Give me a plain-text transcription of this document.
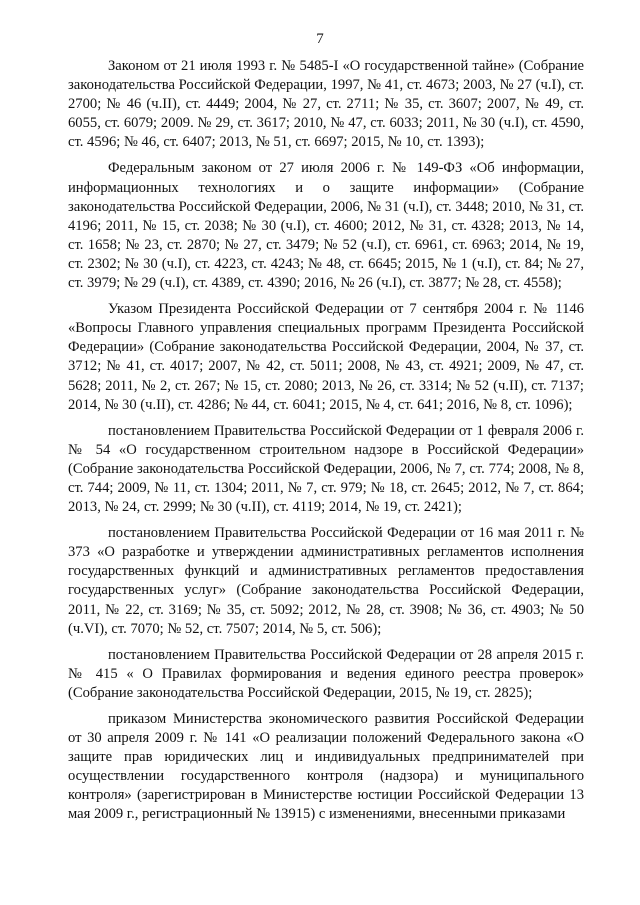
7

Законом от 21 июля 1993 г. № 5485-I «О государственной тайне» (Собрание законодательства Российской Федерации, 1997, № 41, ст. 4673; 2003, № 27 (ч.I), ст. 2700; № 46 (ч.II), ст. 4449; 2004, № 27, ст. 2711; № 35, ст. 3607; 2007, № 49, ст. 6055, ст. 6079; 2009. № 29, ст. 3617; 2010, № 47, ст. 6033; 2011, № 30 (ч.I), ст. 4590, ст. 4596; № 46, ст. 6407; 2013, № 51, ст. 6697; 2015, № 10, ст. 1393);

Федеральным законом от 27 июля 2006 г. № 149-ФЗ «Об информации, информационных технологиях и о защите информации» (Собрание законодательства Российской Федерации, 2006, № 31 (ч.I), ст. 3448; 2010, № 31, ст. 4196; 2011, № 15, ст. 2038; № 30 (ч.I), ст. 4600; 2012, № 31, ст. 4328; 2013, № 14, ст. 1658; № 23, ст. 2870; № 27, ст. 3479; № 52 (ч.I), ст. 6961, ст. 6963; 2014, № 19, ст. 2302; № 30 (ч.I), ст. 4223, ст. 4243; № 48, ст. 6645; 2015, № 1 (ч.I), ст. 84; № 27, ст. 3979; № 29 (ч.I), ст. 4389, ст. 4390; 2016, № 26 (ч.I), ст. 3877; № 28, ст. 4558);

Указом Президента Российской Федерации от 7 сентября 2004 г. № 1146 «Вопросы Главного управления специальных программ Президента Российской Федерации» (Собрание законодательства Российской Федерации, 2004, № 37, ст. 3712; № 41, ст. 4017; 2007, № 42, ст. 5011; 2008, № 43, ст. 4921; 2009, № 47, ст. 5628; 2011, № 2, ст. 267; № 15, ст. 2080; 2013, № 26, ст. 3314; № 52 (ч.II), ст. 7137; 2014, № 30 (ч.II), ст. 4286; № 44, ст. 6041; 2015, № 4, ст. 641; 2016, № 8, ст. 1096);

постановлением Правительства Российской Федерации от 1 февраля 2006 г. № 54 «О государственном строительном надзоре в Российской Федерации» (Собрание законодательства Российской Федерации, 2006, № 7, ст. 774; 2008, № 8, ст. 744; 2009, № 11, ст. 1304; 2011, № 7, ст. 979; № 18, ст. 2645; 2012, № 7, ст. 864; 2013, № 24, ст. 2999; № 30 (ч.II), ст. 4119; 2014, № 19, ст. 2421);

постановлением Правительства Российской Федерации от 16 мая 2011 г. № 373 «О разработке и утверждении административных регламентов исполнения государственных функций и административных регламентов предоставления государственных услуг» (Собрание законодательства Российской Федерации, 2011, № 22, ст. 3169; № 35, ст. 5092; 2012, № 28, ст. 3908; № 36, ст. 4903; № 50 (ч.VI), ст. 7070; № 52, ст. 7507; 2014, № 5, ст. 506);

постановлением Правительства Российской Федерации от 28 апреля 2015 г. № 415 « О Правилах формирования и ведения единого реестра проверок» (Собрание законодательства Российской Федерации, 2015, № 19, ст. 2825);

приказом Министерства экономического развития Российской Федерации от 30 апреля 2009 г. № 141 «О реализации положений Федерального закона «О защите прав юридических лиц и индивидуальных предпринимателей при осуществлении государственного контроля (надзора) и муниципального контроля» (зарегистрирован в Министерстве юстиции Российской Федерации 13 мая 2009 г., регистрационный № 13915) с изменениями, внесенными приказами
